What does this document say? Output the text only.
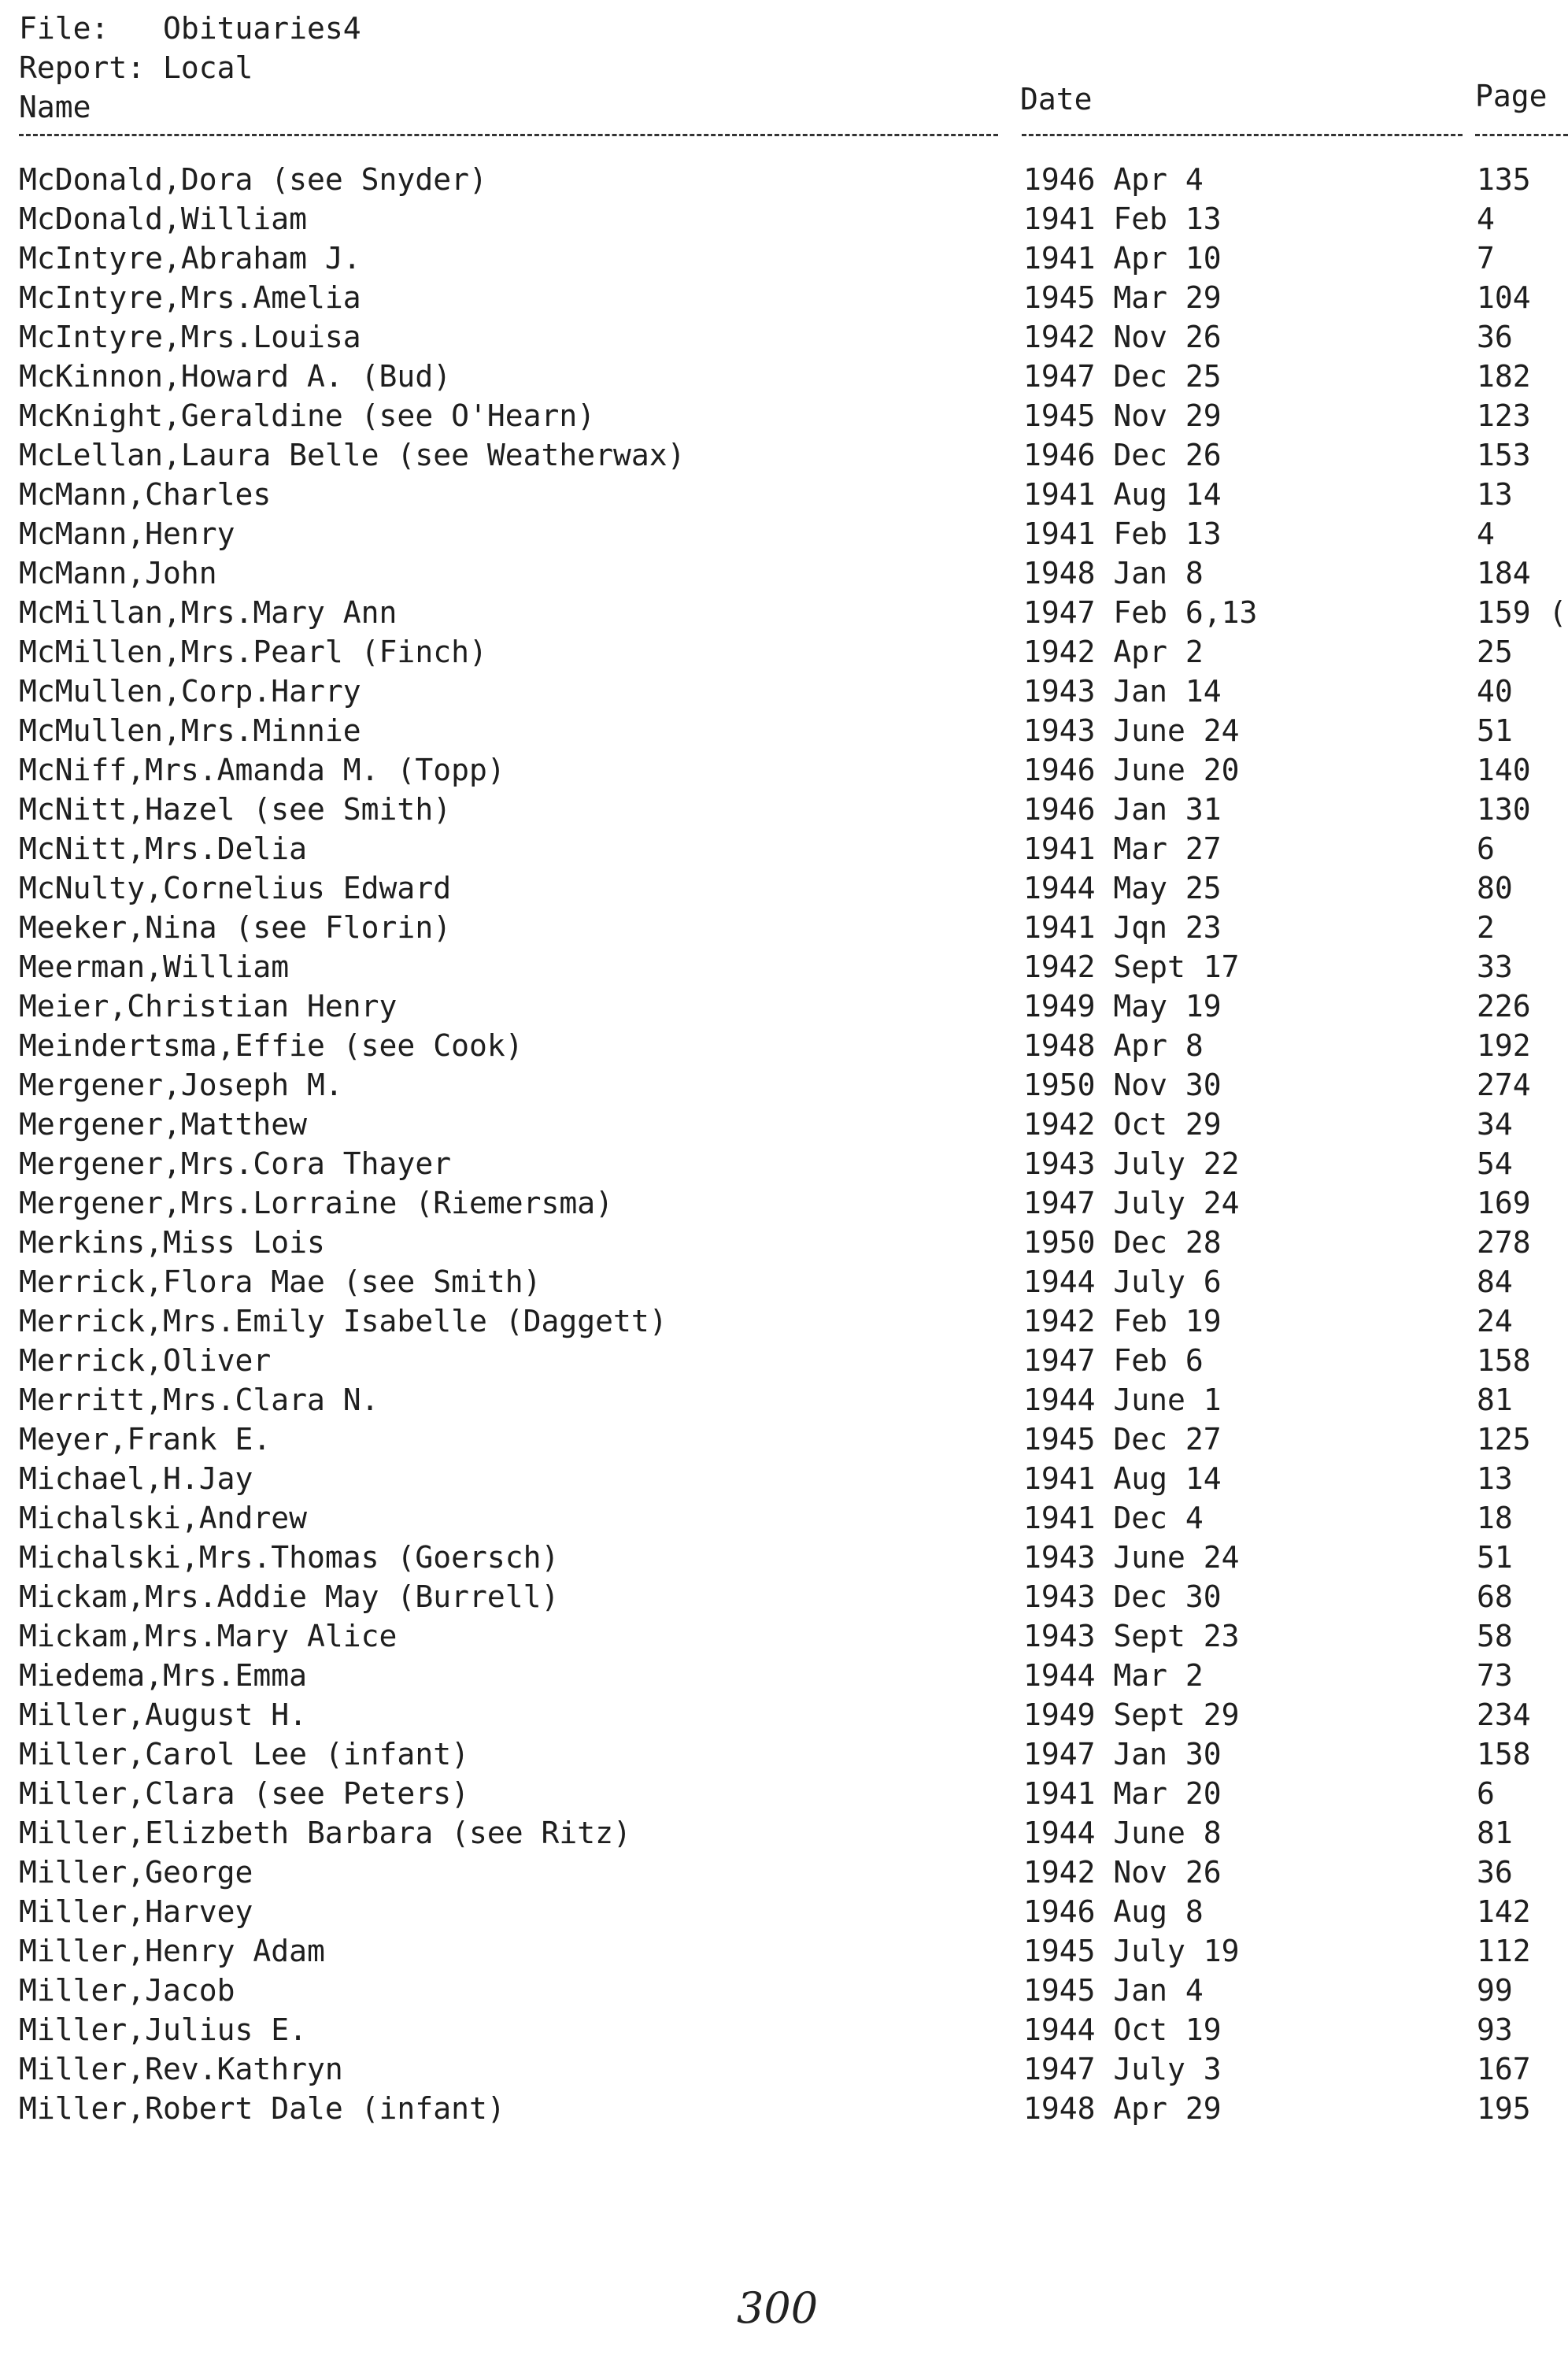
File:   Obituaries4
Report: Local
Name	Date	Page
McDonald,Dora (see Snyder)	1946 Apr 4	135
McDonald,William	1941 Feb 13	4
McIntyre,Abraham J.	1941 Apr 10	7
McIntyre,Mrs.Amelia	1945 Mar 29	104
McIntyre,Mrs.Louisa	1942 Nov 26	36
McKinnon,Howard A. (Bud)	1947 Dec 25	182
McKnight,Geraldine (see O'Hearn)	1945 Nov 29	123
McLellan,Laura Belle (see Weatherwax)	1946 Dec 26	153
McMann,Charles	1941 Aug 14	13
McMann,Henry	1941 Feb 13	4
McMann,John	1948 Jan 8	184
McMillan,Mrs.Mary Ann	1947 Feb 6,13	159 (
McMillen,Mrs.Pearl (Finch)	1942 Apr 2	25
McMullen,Corp.Harry	1943 Jan 14	40
McMullen,Mrs.Minnie	1943 June 24	51
McNiff,Mrs.Amanda M. (Topp)	1946 June 20	140
McNitt,Hazel (see Smith)	1946 Jan 31	130
McNitt,Mrs.Delia	1941 Mar 27	6
McNulty,Cornelius Edward	1944 May 25	80
Meeker,Nina (see Florin)	1941 Jqn 23	2
Meerman,William	1942 Sept 17	33
Meier,Christian Henry	1949 May 19	226
Meindertsma,Effie (see Cook)	1948 Apr 8	192
Mergener,Joseph M.	1950 Nov 30	274
Mergener,Matthew	1942 Oct 29	34
Mergener,Mrs.Cora Thayer	1943 July 22	54
Mergener,Mrs.Lorraine (Riemersma)	1947 July 24	169
Merkins,Miss Lois	1950 Dec 28	278
Merrick,Flora Mae (see Smith)	1944 July 6	84
Merrick,Mrs.Emily Isabelle (Daggett)	1942 Feb 19	24
Merrick,Oliver	1947 Feb 6	158
Merritt,Mrs.Clara N.	1944 June 1	81
Meyer,Frank E.	1945 Dec 27	125
Michael,H.Jay	1941 Aug 14	13
Michalski,Andrew	1941 Dec 4	18
Michalski,Mrs.Thomas (Goersch)	1943 June 24	51
Mickam,Mrs.Addie May (Burrell)	1943 Dec 30	68
Mickam,Mrs.Mary Alice	1943 Sept 23	58
Miedema,Mrs.Emma	1944 Mar 2	73
Miller,August H.	1949 Sept 29	234
Miller,Carol Lee (infant)	1947 Jan 30	158
Miller,Clara (see Peters)	1941 Mar 20	6
Miller,Elizbeth Barbara (see Ritz)	1944 June 8	81
Miller,George	1942 Nov 26	36
Miller,Harvey	1946 Aug 8	142
Miller,Henry Adam	1945 July 19	112
Miller,Jacob	1945 Jan 4	99
Miller,Julius E.	1944 Oct 19	93
Miller,Rev.Kathryn	1947 July 3	167
Miller,Robert Dale (infant)	1948 Apr 29	195
300
